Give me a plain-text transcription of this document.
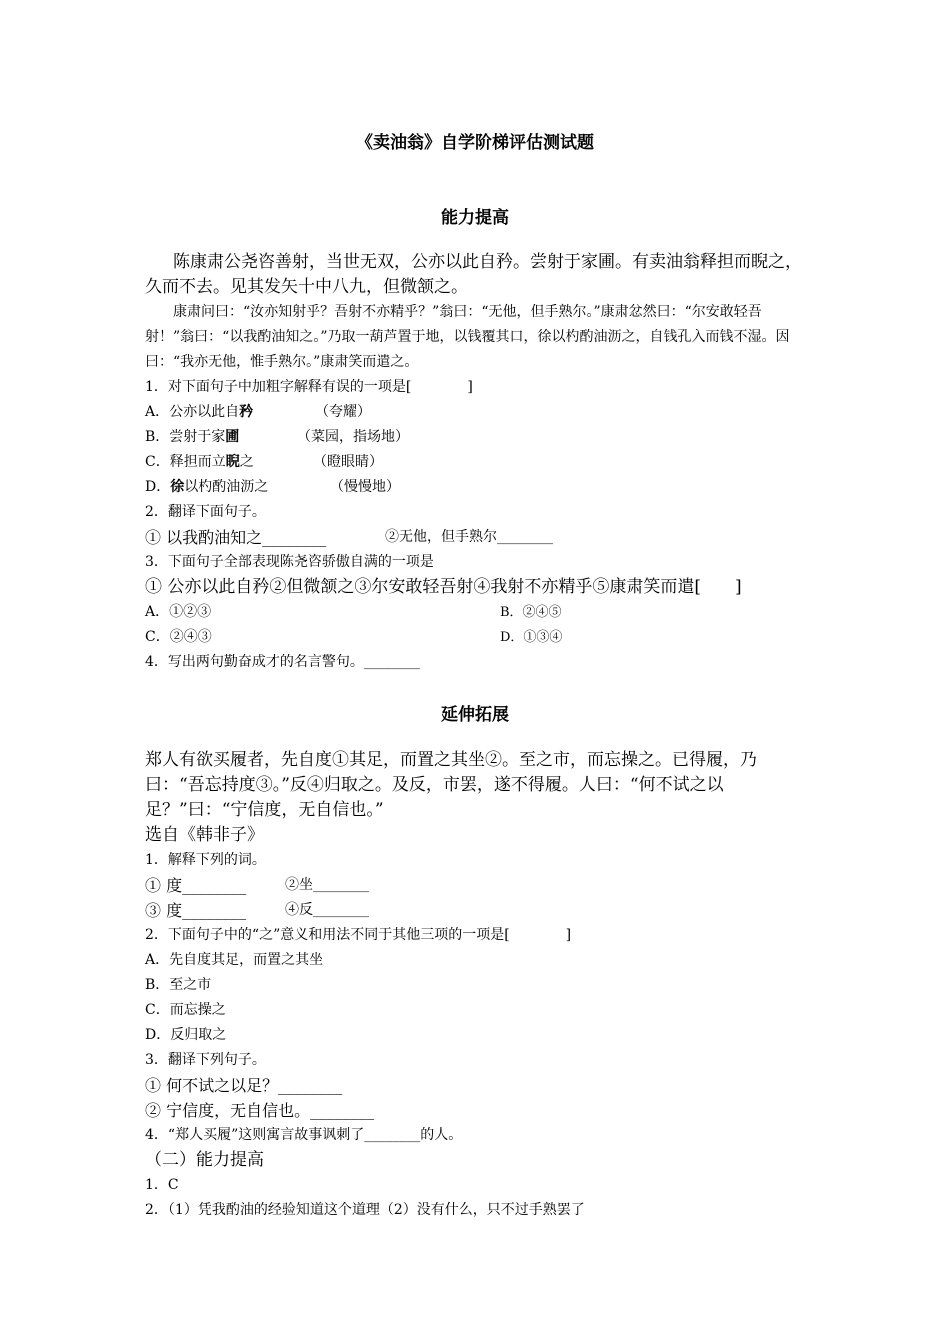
《卖油翁》自学阶梯评估测试题
能力提高
陈康肃公尧咨善射，当世无双，公亦以此自矜。尝射于家圃。有卖油翁释担而睨之，久而不去。见其发矢十中八九，但微颔之。
康肃问曰：“汝亦知射乎？吾射不亦精乎？”翁曰：“无他，但手熟尔。”康肃忿然曰：“尔安敢轻吾射！”翁曰：“以我酌油知之。”乃取一葫芦置于地，以钱覆其口，徐以杓酌油沥之，自钱孔入而钱不湿。因曰：“我亦无他，惟手熟尔。”康肃笑而遣之。
1．对下面句子中加粗字解释有误的一项是[　　　　]
A．公亦以此自矜	（夸耀）
B．尝射于家圃	（菜园，指场地）
C．释担而立睨之	（瞪眼睛）
D．徐以杓酌油沥之	（慢慢地）
2．翻译下面句子。
① 以我酌油知之________	②无他，但手熟尔________
3．下面句子全部表现陈尧咨骄傲自满的一项是
① 公亦以此自矜②但微颔之③尔安敢轻吾射④我射不亦精乎⑤康肃笑而遣[　　]
A．①②③	B．②④⑤
C．②④③	D．①③④
4．写出两句勤奋成才的名言警句。________
延伸拓展
郑人有欲买履者，先自度①其足，而置之其坐②。至之市，而忘操之。已得履，乃曰：“吾忘持度③。”反④归取之。及反，市罢，遂不得履。人曰：“何不试之以足？”曰：“宁信度，无自信也。”
选自《韩非子》
1．解释下列的词。
① 度________	②坐________
③ 度________	④反________
2．下面句子中的“之”意义和用法不同于其他三项的一项是[　　　　]
A．先自度其足，而置之其坐
B．至之市
C．而忘操之
D．反归取之
3．翻译下列句子。
① 何不试之以足？________
② 宁信度，无自信也。________
4．“郑人买履”这则寓言故事讽刺了________的人。
（二）能力提高
1．C
2．（1）凭我酌油的经验知道这个道理（2）没有什么，只不过手熟罢了
